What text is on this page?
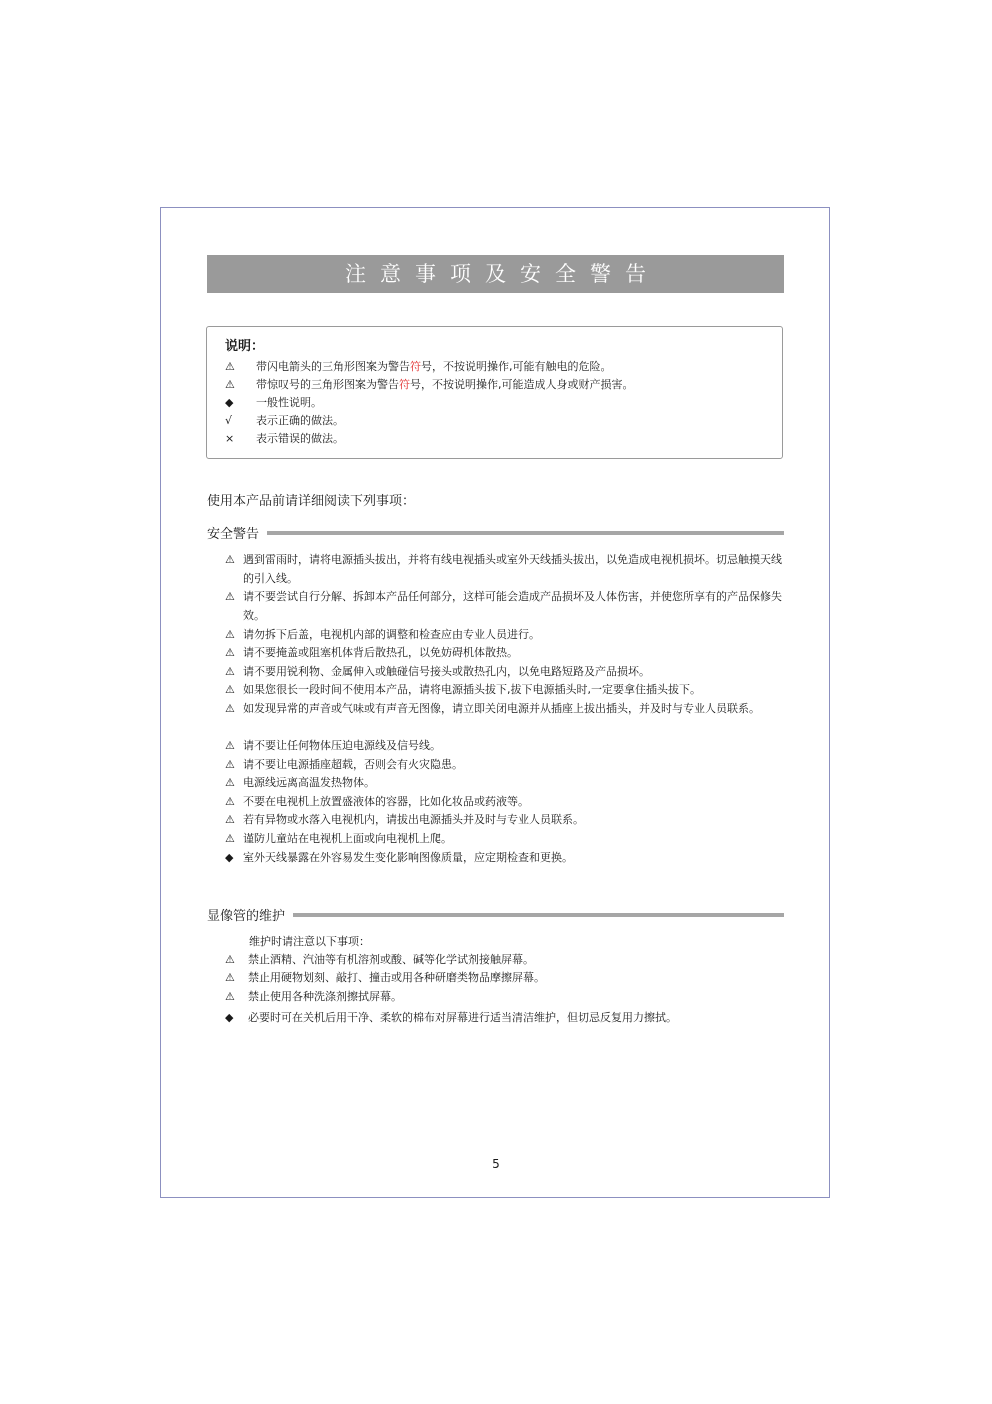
注意事项及安全警告
说明：
⚠	带闪电箭头的三角形图案为警告符号，不按说明操作,可能有触电的危险。
⚠	带惊叹号的三角形图案为警告符号，不按说明操作,可能造成人身或财产损害。
◆	一般性说明。
√	表示正确的做法。
×	表示错误的做法。
使用本产品前请详细阅读下列事项：
安全警告
⚠ 遇到雷雨时，请将电源插头拔出，并将有线电视插头或室外天线插头拔出，以免造成电视机损坏。切忌触摸天线的引入线。
⚠ 请不要尝试自行分解、拆卸本产品任何部分，这样可能会造成产品损坏及人体伤害，并使您所享有的产品保修失效。
⚠ 请勿拆下后盖，电视机内部的调整和检查应由专业人员进行。
⚠ 请不要掩盖或阻塞机体背后散热孔，以免妨碍机体散热。
⚠ 请不要用锐利物、金属伸入或触碰信号接头或散热孔内，以免电路短路及产品损坏。
⚠ 如果您很长一段时间不使用本产品，请将电源插头拔下,拔下电源插头时,一定要拿住插头拔下。
⚠ 如发现异常的声音或气味或有声音无图像，请立即关闭电源并从插座上拔出插头，并及时与专业人员联系。
⚠ 请不要让任何物体压迫电源线及信号线。
⚠ 请不要让电源插座超载，否则会有火灾隐患。
⚠ 电源线远离高温发热物体。
⚠ 不要在电视机上放置盛液体的容器，比如化妆品或药液等。
⚠ 若有异物或水落入电视机内，请拔出电源插头并及时与专业人员联系。
⚠ 谨防儿童站在电视机上面或向电视机上爬。
◆ 室外天线暴露在外容易发生变化影响图像质量，应定期检查和更换。
显像管的维护
维护时请注意以下事项：
⚠	禁止酒精、汽油等有机溶剂或酸、碱等化学试剂接触屏幕。
⚠	禁止用硬物划刻、敲打、撞击或用各种研磨类物品摩擦屏幕。
⚠	禁止使用各种洗涤剂擦拭屏幕。
◆	必要时可在关机后用干净、柔软的棉布对屏幕进行适当清洁维护，但切忌反复用力擦拭。
5
